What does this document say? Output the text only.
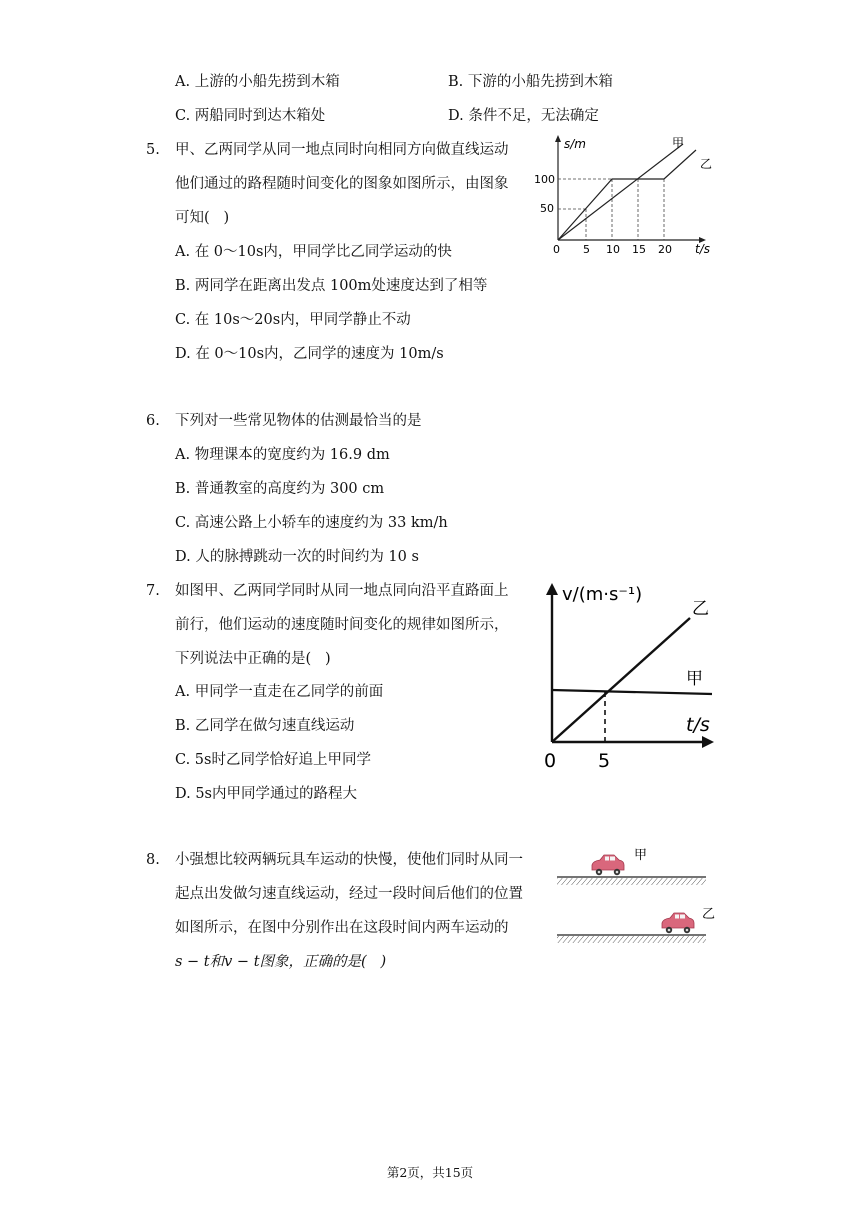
A. 上游的小船先捞到木箱	B. 下游的小船先捞到木箱
C. 两船同时到达木箱处	D. 条件不足，无法确定
5. 甲、乙两同学从同一地点同时向相同方向做直线运动
他们通过的路程随时间变化的图象如图所示，由图象
可知(   )
A. 在 0～10s内，甲同学比乙同学运动的快
B. 两同学在距离出发点 100m处速度达到了相等
C. 在 10s～20s内，甲同学静止不动
D. 在 0～10s内，乙同学的速度为 10m/s
s/m
t/s
100
50
0 5 10 15 20
甲
乙
6. 下列对一些常见物体的估测最恰当的是
A. 物理课本的宽度约为 16.9 dm
B. 普通教室的高度约为 300 cm
C. 高速公路上小轿车的速度约为 33 km/h
D. 人的脉搏跳动一次的时间约为 10 s
7. 如图甲、乙两同学同时从同一地点同向沿平直路面上
前行，他们运动的速度随时间变化的规律如图所示，
下列说法中正确的是(   )
A. 甲同学一直走在乙同学的前面
B. 乙同学在做匀速直线运动
C. 5s时乙同学恰好追上甲同学
D. 5s内甲同学通过的路程大
v/(m·s⁻¹)
t/s
0 5
甲
乙
8. 小强想比较两辆玩具车运动的快慢，使他们同时从同一
起点出发做匀速直线运动，经过一段时间后他们的位置
如图所示，在图中分别作出在这段时间内两车运动的
s − t和v − t图象，正确的是(   )
甲
乙
第2页，共15页
